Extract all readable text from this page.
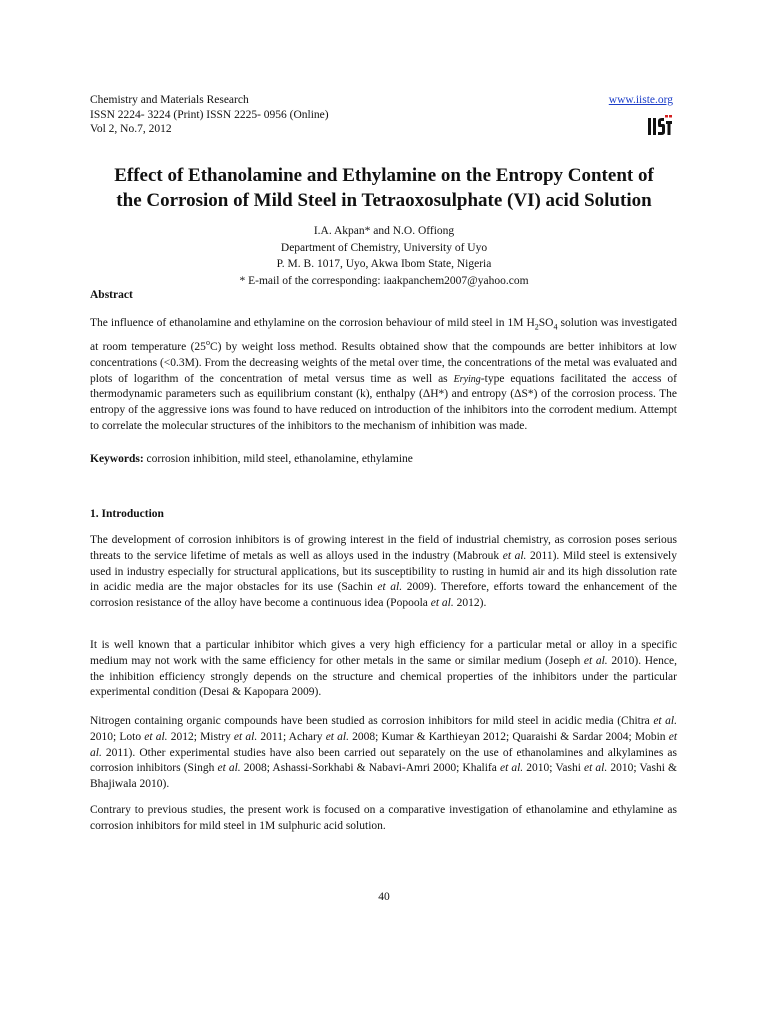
Chemistry and Materials Research
ISSN 2224- 3224 (Print) ISSN 2225- 0956 (Online)
Vol 2, No.7, 2012
www.iiste.org
Effect of Ethanolamine and Ethylamine on the Entropy Content of
the Corrosion of Mild Steel in Tetraoxosulphate (VI) acid Solution
I.A. Akpan* and N.O. Offiong
Department of Chemistry, University of Uyo
P. M. B. 1017, Uyo, Akwa Ibom State, Nigeria
* E-mail of the corresponding: iaakpanchem2007@yahoo.com

Abstract

The influence of ethanolamine and ethylamine on the corrosion behaviour of mild steel in 1M $H_2SO_4$ solution was investigated at room temperature (25$^o$C) by weight loss method. Results obtained show that the compounds are better inhibitors at low concentrations (<0.3M). From the decreasing weights of the metal over time, the concentrations of the metal was evaluated and plots of logarithm of the concentration of metal versus time as well as Erying-type equations facilitated the access of thermodynamic parameters such as equilibrium constant (k), enthalpy (ΔH*) and entropy (ΔS*) of the corrosion process. The entropy of the aggressive ions was found to have reduced on introduction of the inhibitors into the corrodent medium. Attempt to correlate the molecular structures of the inhibitors to the mechanism of inhibition was made.

Keywords: corrosion inhibition, mild steel, ethanolamine, ethylamine

1. Introduction

The development of corrosion inhibitors is of growing interest in the field of industrial chemistry, as corrosion poses serious threats to the service lifetime of metals as well as alloys used in the industry (Mabrouk et al. 2011). Mild steel is extensively used in industry especially for structural applications, but its susceptibility to rusting in humid air and its high dissolution rate in acidic media are the major obstacles for its use (Sachin et al. 2009). Therefore, efforts toward the enhancement of the corrosion resistance of the alloy have become a continuous idea (Popoola et al. 2012).

It is well known that a particular inhibitor which gives a very high efficiency for a particular metal or alloy in a specific medium may not work with the same efficiency for other metals in the same or similar medium (Joseph et al. 2010). Hence, the inhibition efficiency strongly depends on the structure and chemical properties of the inhibitors under the particular experimental condition (Desai & Kapopara 2009).

Nitrogen containing organic compounds have been studied as corrosion inhibitors for mild steel in acidic media (Chitra et al. 2010; Loto et al. 2012; Mistry et al. 2011; Achary et al. 2008; Kumar & Karthieyan 2012; Quaraishi & Sardar 2004; Mobin et al. 2011). Other experimental studies have also been carried out separately on the use of ethanolamines and alkylamines as corrosion inhibitors (Singh et al. 2008; Ashassi-Sorkhabi & Nabavi-Amri 2000; Khalifa et al. 2010; Vashi et al. 2010; Vashi & Bhajiwala 2010).

Contrary to previous studies, the present work is focused on a comparative investigation of ethanolamine and ethylamine as corrosion inhibitors for mild steel in 1M sulphuric acid solution.

40
